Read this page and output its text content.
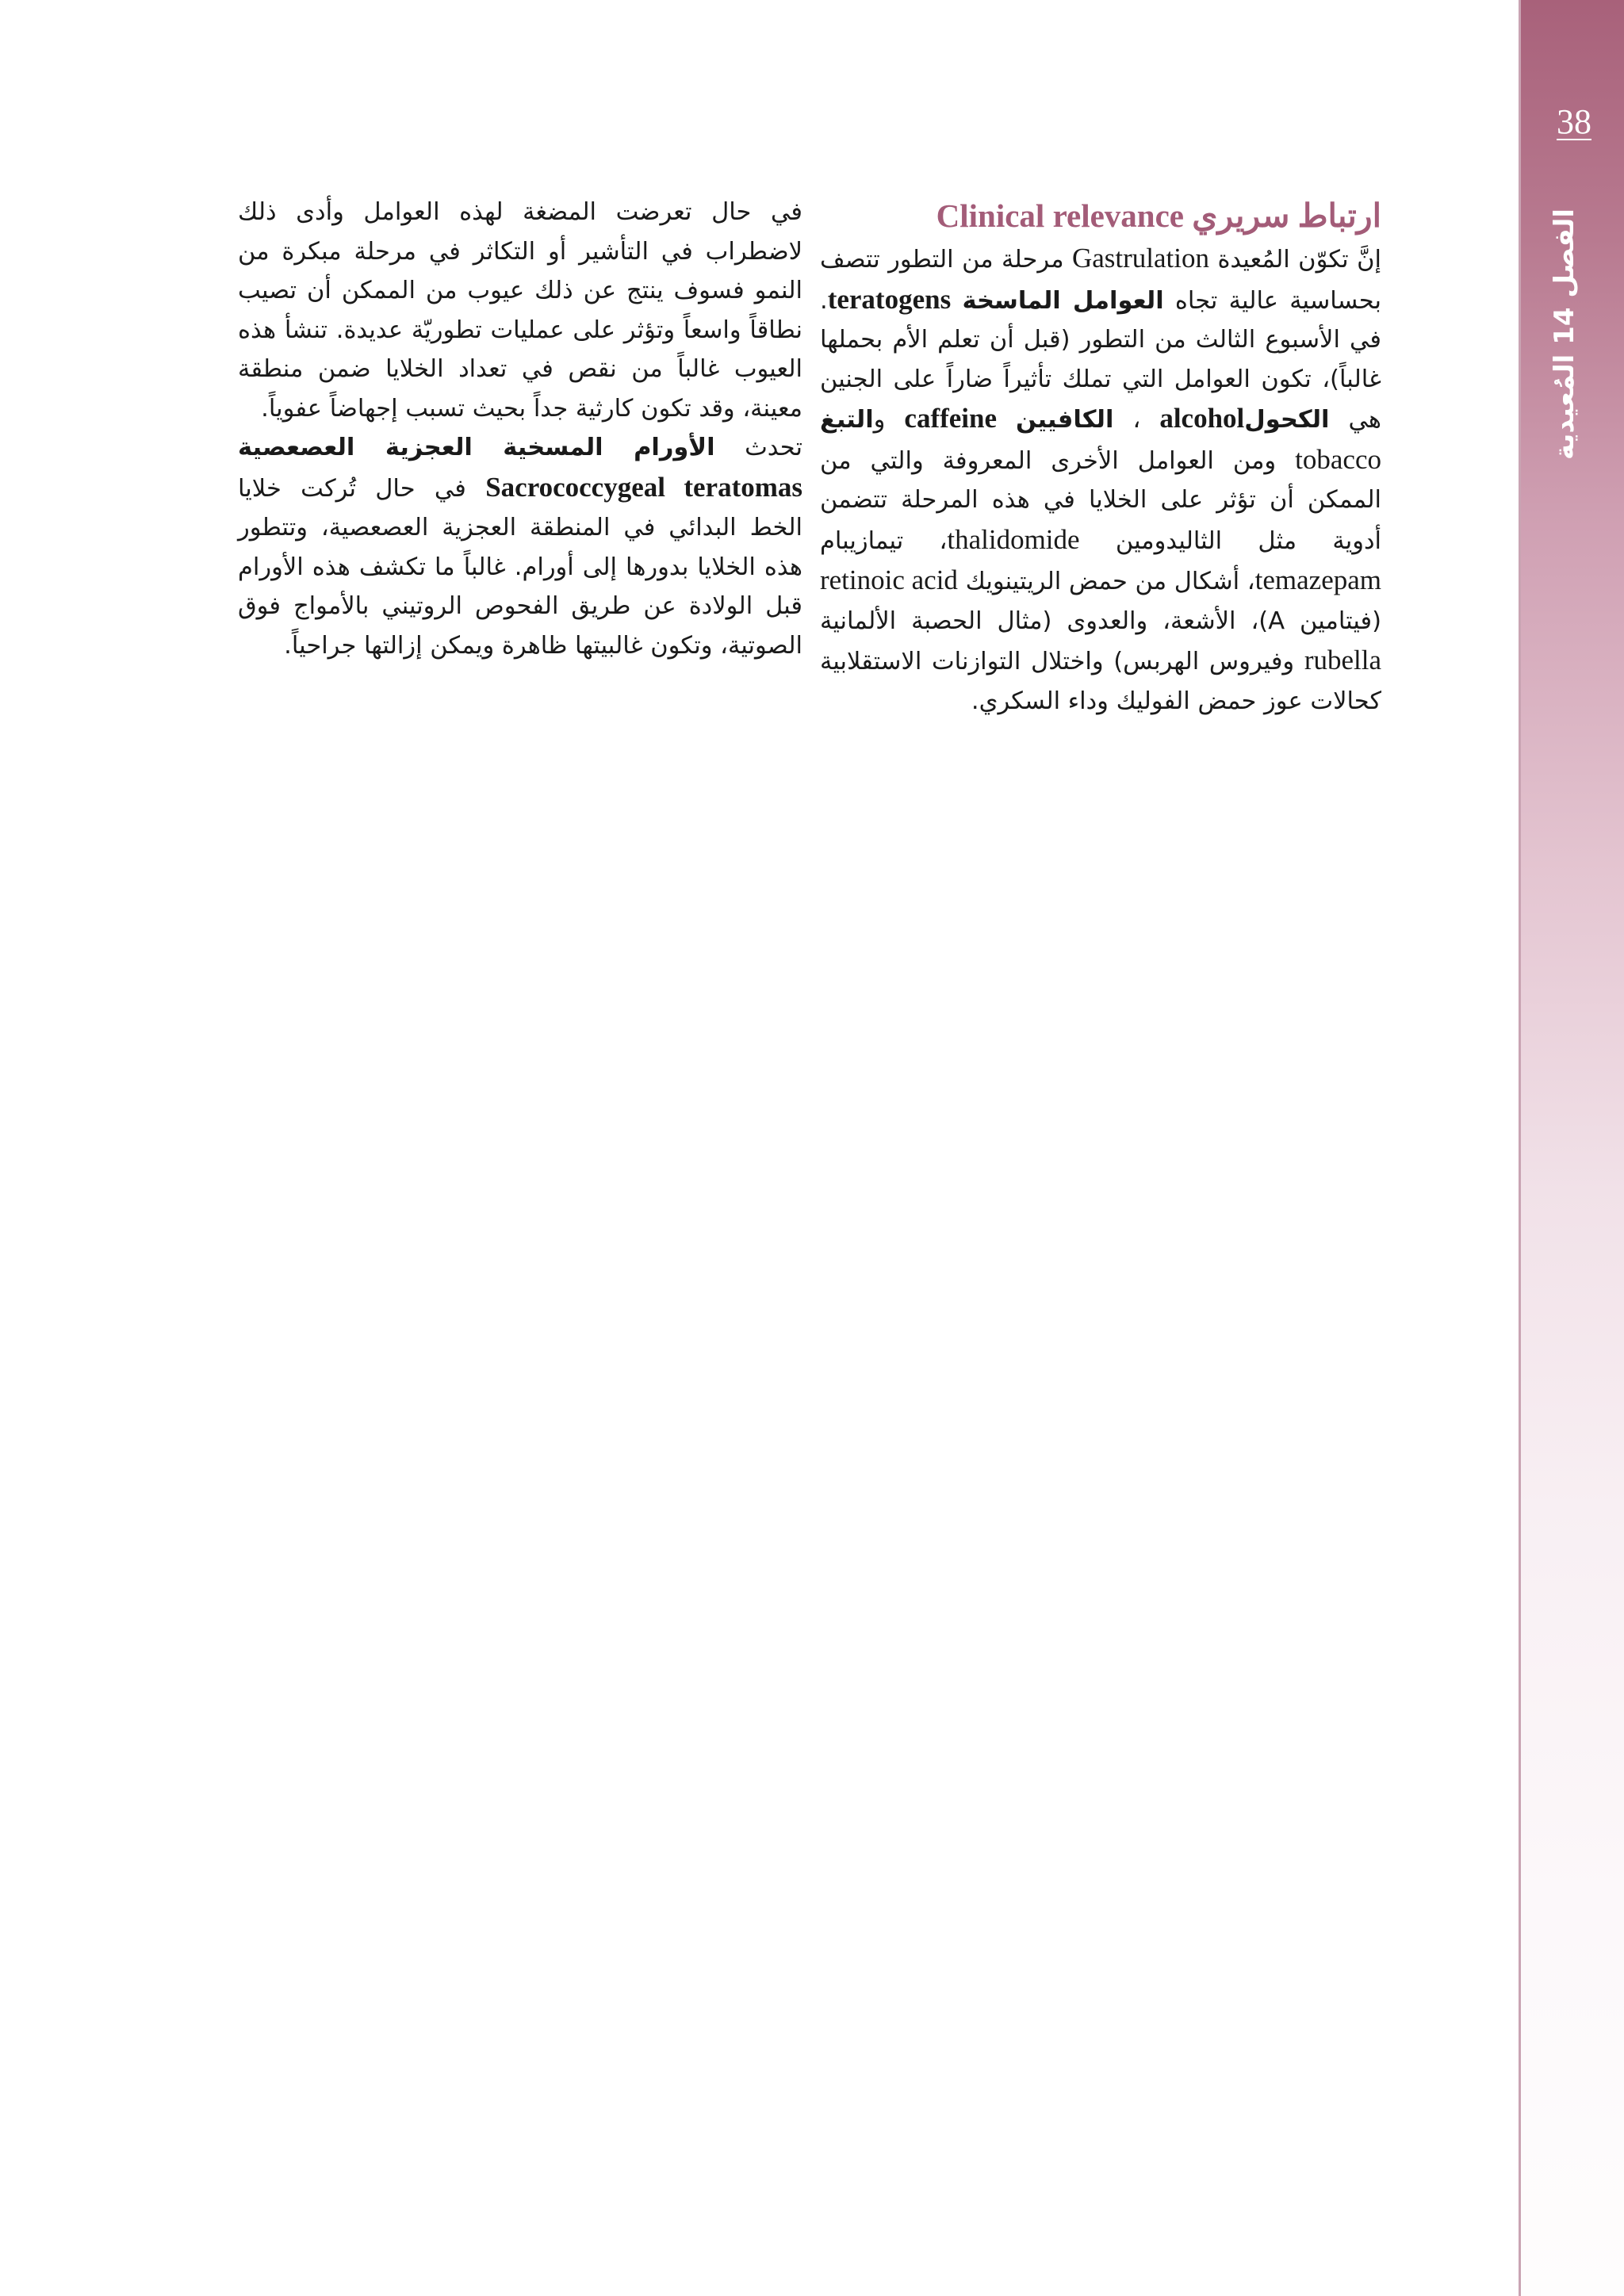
38
الفصل 14 المُعيدية
ارتباط سريري Clinical relevance

إنَّ تكوّن المُعيدة Gastrulation مرحلة من التطور تتصف بحساسية عالية تجاه العوامل الماسخة teratogens. في الأسبوع الثالث من التطور (قبل أن تعلم الأم بحملها غالباً)، تكون العوامل التي تملك تأثيراً ضاراً على الجنين هي الكحولalcohol ، الكافيين caffeine والتبغ tobacco ومن العوامل الأخرى المعروفة والتي من الممكن أن تؤثر على الخلايا في هذه المرحلة تتضمن أدوية مثل الثاليدومين thalidomide، تيمازيبام temazepam، أشكال من حمض الريتينويك retinoic acid (فيتامين A)، الأشعة، والعدوى (مثال الحصبة الألمانية rubella وفيروس الهربس) واختلال التوازنات الاستقلابية كحالات عوز حمض الفوليك وداء السكري.

في حال تعرضت المضغة لهذه العوامل وأدى ذلك لاضطراب في التأشير أو التكاثر في مرحلة مبكرة من النمو فسوف ينتج عن ذلك عيوب من الممكن أن تصيب نطاقاً واسعاً وتؤثر على عمليات تطوريّة عديدة. تنشأ هذه العيوب غالباً من نقص في تعداد الخلايا ضمن منطقة معينة، وقد تكون كارثية جداً بحيث تسبب إجهاضاً عفوياً.

تحدث الأورام المسخية العجزية العصعصية Sacrococcygeal teratomas في حال تُركت خلايا الخط البدائي في المنطقة العجزية العصعصية، وتتطور هذه الخلايا بدورها إلى أورام. غالباً ما تكشف هذه الأورام قبل الولادة عن طريق الفحوص الروتيني بالأمواج فوق الصوتية، وتكون غالبيتها ظاهرة ويمكن إزالتها جراحياً.
